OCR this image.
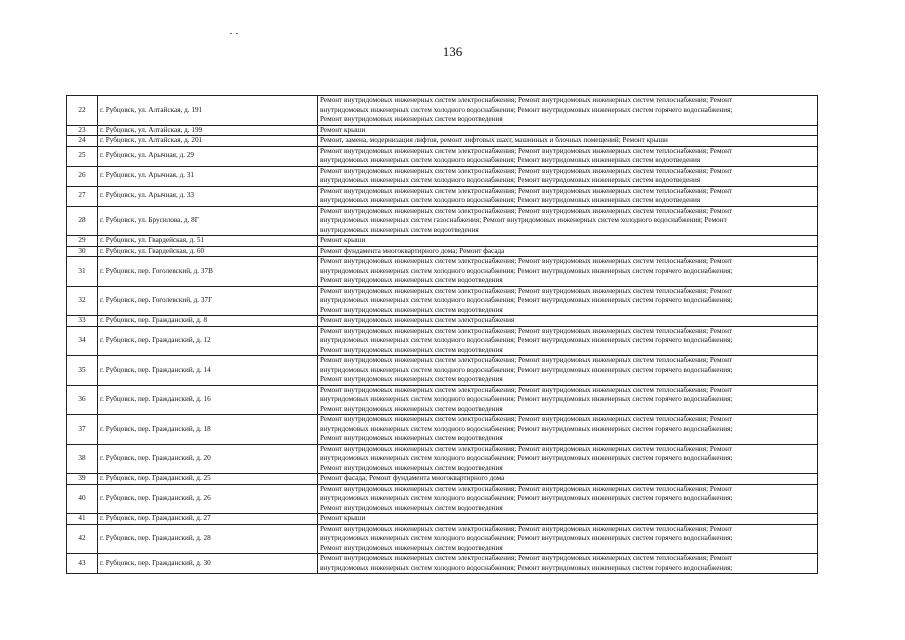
136
22	г. Рубцовск, ул. Алтайская, д. 191	Ремонт внутридомовых инженерных систем электроснабжения; Ремонт внутридомовых инженерных систем теплоснабжения; Ремонт
внутридомовых инженерных систем холодного водоснабжения; Ремонт внутридомовых инженерных систем горячего водоснабжения;
Ремонт внутридомовых инженерных систем водоотведения

23	г. Рубцовск, ул. Алтайская, д. 199	Ремонт крыши

24	г. Рубцовск, ул. Алтайская, д. 201	Ремонт, замена, модернизация лифтов, ремонт лифтовых шахт, машинных и блочных помещений; Ремонт крыши

25	г. Рубцовск, ул. Арычная, д. 29	Ремонт внутридомовых инженерных систем электроснабжения; Ремонт внутридомовых инженерных систем теплоснабжения; Ремонт
внутридомовых инженерных систем холодного водоснабжения; Ремонт внутридомовых инженерных систем водоотведения

26	г. Рубцовск, ул. Арычная, д. 31	Ремонт внутридомовых инженерных систем электроснабжения; Ремонт внутридомовых инженерных систем теплоснабжения; Ремонт
внутридомовых инженерных систем холодного водоснабжения; Ремонт внутридомовых инженерных систем водоотведения

27	г. Рубцовск, ул. Арычная, д. 33	Ремонт внутридомовых инженерных систем электроснабжения; Ремонт внутридомовых инженерных систем теплоснабжения; Ремонт
внутридомовых инженерных систем холодного водоснабжения; Ремонт внутридомовых инженерных систем водоотведения

28	г. Рубцовск, ул. Брусилова, д. 8Г	Ремонт внутридомовых инженерных систем электроснабжения; Ремонт внутридомовых инженерных систем теплоснабжения; Ремонт
внутридомовых инженерных систем газоснабжения; Ремонт внутридомовых инженерных систем холодного водоснабжения; Ремонт
внутридомовых инженерных систем водоотведения

29	г. Рубцовск, ул. Гвардейская, д. 51	Ремонт крыши

30	г. Рубцовск, ул. Гвардейская, д. 60	Ремонт фундамента многоквартирного дома; Ремонт фасада

31	г. Рубцовск, пер. Гоголевский, д. 37В	Ремонт внутридомовых инженерных систем электроснабжения; Ремонт внутридомовых инженерных систем теплоснабжения; Ремонт
внутридомовых инженерных систем холодного водоснабжения; Ремонт внутридомовых инженерных систем горячего водоснабжения;
Ремонт внутридомовых инженерных систем водоотведения

32	г. Рубцовск, пер. Гоголевский, д. 37Г	Ремонт внутридомовых инженерных систем электроснабжения; Ремонт внутридомовых инженерных систем теплоснабжения; Ремонт
внутридомовых инженерных систем холодного водоснабжения; Ремонт внутридомовых инженерных систем горячего водоснабжения;
Ремонт внутридомовых инженерных систем водоотведения

33	г. Рубцовск, пер. Гражданский, д. 8	Ремонт внутридомовых инженерных систем электроснабжения

34	г. Рубцовск, пер. Гражданский, д. 12	Ремонт внутридомовых инженерных систем электроснабжения; Ремонт внутридомовых инженерных систем теплоснабжения; Ремонт
внутридомовых инженерных систем холодного водоснабжения; Ремонт внутридомовых инженерных систем горячего водоснабжения;
Ремонт внутридомовых инженерных систем водоотведения

35	г. Рубцовск, пер. Гражданский, д. 14	Ремонт внутридомовых инженерных систем электроснабжения; Ремонт внутридомовых инженерных систем теплоснабжения; Ремонт
внутридомовых инженерных систем холодного водоснабжения; Ремонт внутридомовых инженерных систем горячего водоснабжения;
Ремонт внутридомовых инженерных систем водоотведения

36	г. Рубцовск, пер. Гражданский, д. 16	Ремонт внутридомовых инженерных систем электроснабжения; Ремонт внутридомовых инженерных систем теплоснабжения; Ремонт
внутридомовых инженерных систем холодного водоснабжения; Ремонт внутридомовых инженерных систем горячего водоснабжения;
Ремонт внутридомовых инженерных систем водоотведения

37	г. Рубцовск, пер. Гражданский, д. 18	Ремонт внутридомовых инженерных систем электроснабжения; Ремонт внутридомовых инженерных систем теплоснабжения; Ремонт
внутридомовых инженерных систем холодного водоснабжения; Ремонт внутридомовых инженерных систем горячего водоснабжения;
Ремонт внутридомовых инженерных систем водоотведения

38	г. Рубцовск, пер. Гражданский, д. 20	Ремонт внутридомовых инженерных систем электроснабжения; Ремонт внутридомовых инженерных систем теплоснабжения; Ремонт
внутридомовых инженерных систем холодного водоснабжения; Ремонт внутридомовых инженерных систем горячего водоснабжения;
Ремонт внутридомовых инженерных систем водоотведения

39	г. Рубцовск, пер. Гражданский, д. 25	Ремонт фасада; Ремонт фундамента многоквартирного дома

40	г. Рубцовск, пер. Гражданский, д. 26	Ремонт внутридомовых инженерных систем электроснабжения; Ремонт внутридомовых инженерных систем теплоснабжения; Ремонт
внутридомовых инженерных систем холодного водоснабжения; Ремонт внутридомовых инженерных систем горячего водоснабжения;
Ремонт внутридомовых инженерных систем водоотведения

41	г. Рубцовск, пер. Гражданский, д. 27	Ремонт крыши

42	г. Рубцовск, пер. Гражданский, д. 28	Ремонт внутридомовых инженерных систем электроснабжения; Ремонт внутридомовых инженерных систем теплоснабжения; Ремонт
внутридомовых инженерных систем холодного водоснабжения; Ремонт внутридомовых инженерных систем горячего водоснабжения;
Ремонт внутридомовых инженерных систем водоотведения

43	г. Рубцовск, пер. Гражданский, д. 30	Ремонт внутридомовых инженерных систем электроснабжения; Ремонт внутридомовых инженерных систем теплоснабжения; Ремонт
внутридомовых инженерных систем холодного водоснабжения; Ремонт внутридомовых инженерных систем горячего водоснабжения;
